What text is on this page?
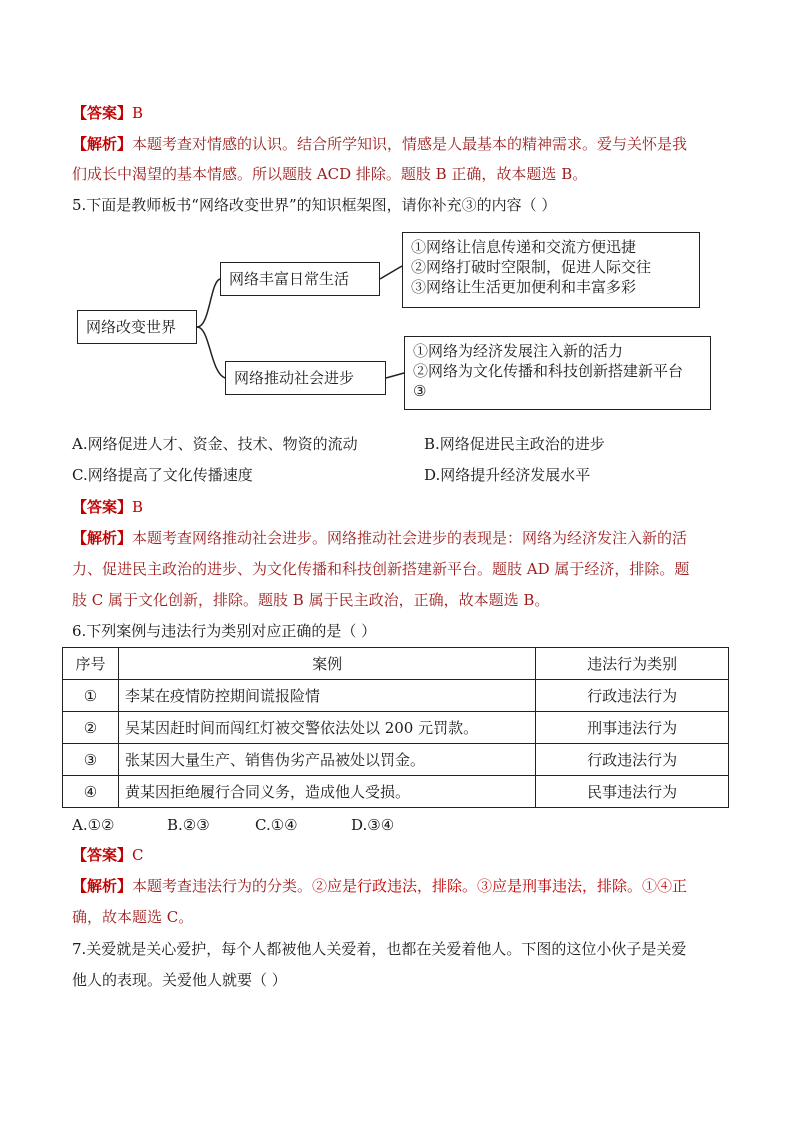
【答案】B
【解析】本题考查对情感的认识。结合所学知识，情感是人最基本的精神需求。爱与关怀是我
们成长中渴望的基本情感。所以题肢 ACD 排除。题肢 B 正确，故本题选 B。
5.下面是教师板书“网络改变世界”的知识框架图，请你补充③的内容（ ）
网络改变世界
网络丰富日常生活
①网络让信息传递和交流方便迅捷
②网络打破时空限制，促进人际交往
③网络让生活更加便利和丰富多彩
网络推动社会进步
①网络为经济发展注入新的活力
②网络为文化传播和科技创新搭建新平台
③
A.网络促进人才、资金、技术、物资的流动	B.网络促进民主政治的进步
C.网络提高了文化传播速度	D.网络提升经济发展水平
【答案】B
【解析】本题考查网络推动社会进步。网络推动社会进步的表现是：网络为经济发注入新的活
力、促进民主政治的进步、为文化传播和科技创新搭建新平台。题肢 AD 属于经济，排除。题
肢 C 属于文化创新，排除。题肢 B 属于民主政治，正确，故本题选 B。
6.下列案例与违法行为类别对应正确的是（ ）
序号	案例	违法行为类别
①	李某在疫情防控期间谎报险情	行政违法行为
②	吴某因赶时间而闯红灯被交警依法处以 200 元罚款。	刑事违法行为
③	张某因大量生产、销售伪劣产品被处以罚金。	行政违法行为
④	黄某因拒绝履行合同义务，造成他人受损。	民事违法行为
A.①②	B.②③	C.①④	D.③④
【答案】C
【解析】本题考查违法行为的分类。②应是行政违法，排除。③应是刑事违法，排除。①④正
确，故本题选 C。
7.关爱就是关心爱护，每个人都被他人关爱着，也都在关爱着他人。下图的这位小伙子是关爱
他人的表现。关爱他人就要（ ）
